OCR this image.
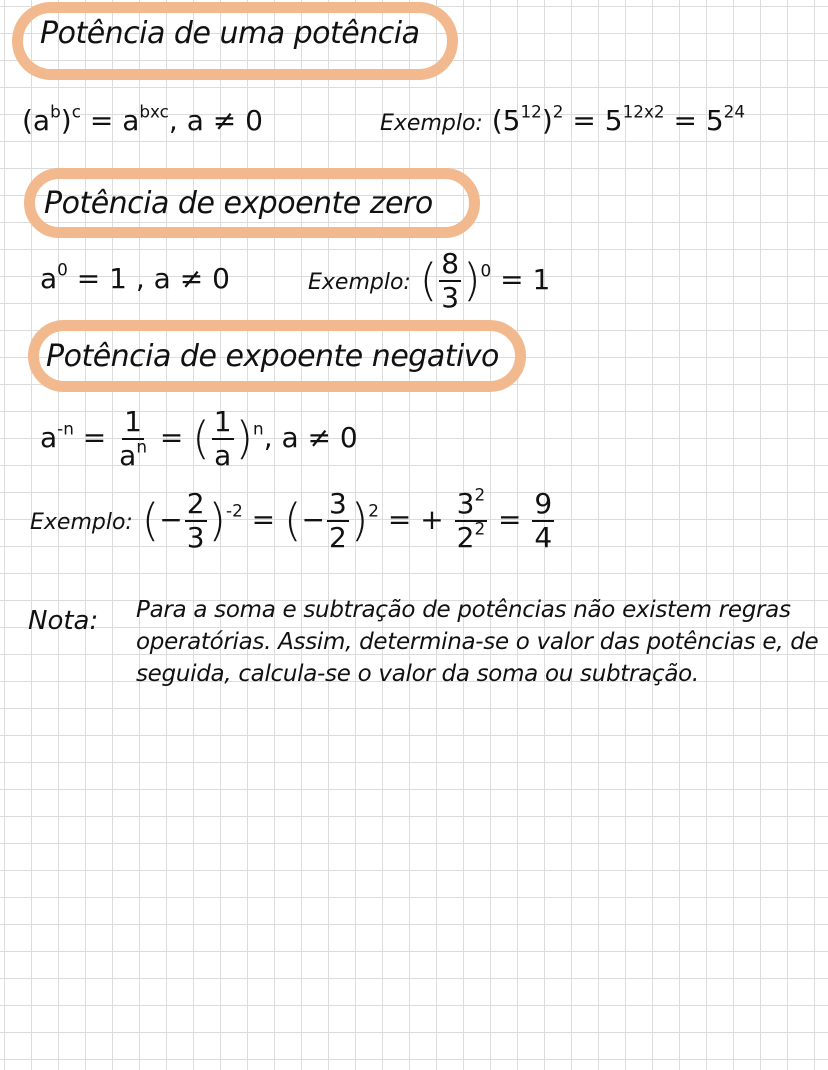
Potência de uma potência
$(a^b)^c = a^{bxc}$, a ≠ 0	Exemplo: $(5^{12})^2 = 5^{12x2} = 5^{24}$
Potência de expoente zero
$a^0 = 1$ , a ≠ 0	Exemplo: ( $\frac{8}{3} )^0 = 1$
Potência de expoente negativo
$a^{-n} = \frac{1}{a^n}$ = ( $\frac{1}{a} )^n$, a ≠ 0
Exemplo: (− $\frac{2}{3} )^{-2}$ = (− $\frac{3}{2} )^2$ = + $\frac{3^2}{2^2} = \frac{9}{4}$
Nota: Para a soma e subtração de potências não existem regras operatórias. Assim, determina-se o valor das potências e, de seguida, calcula-se o valor da soma ou subtração.
